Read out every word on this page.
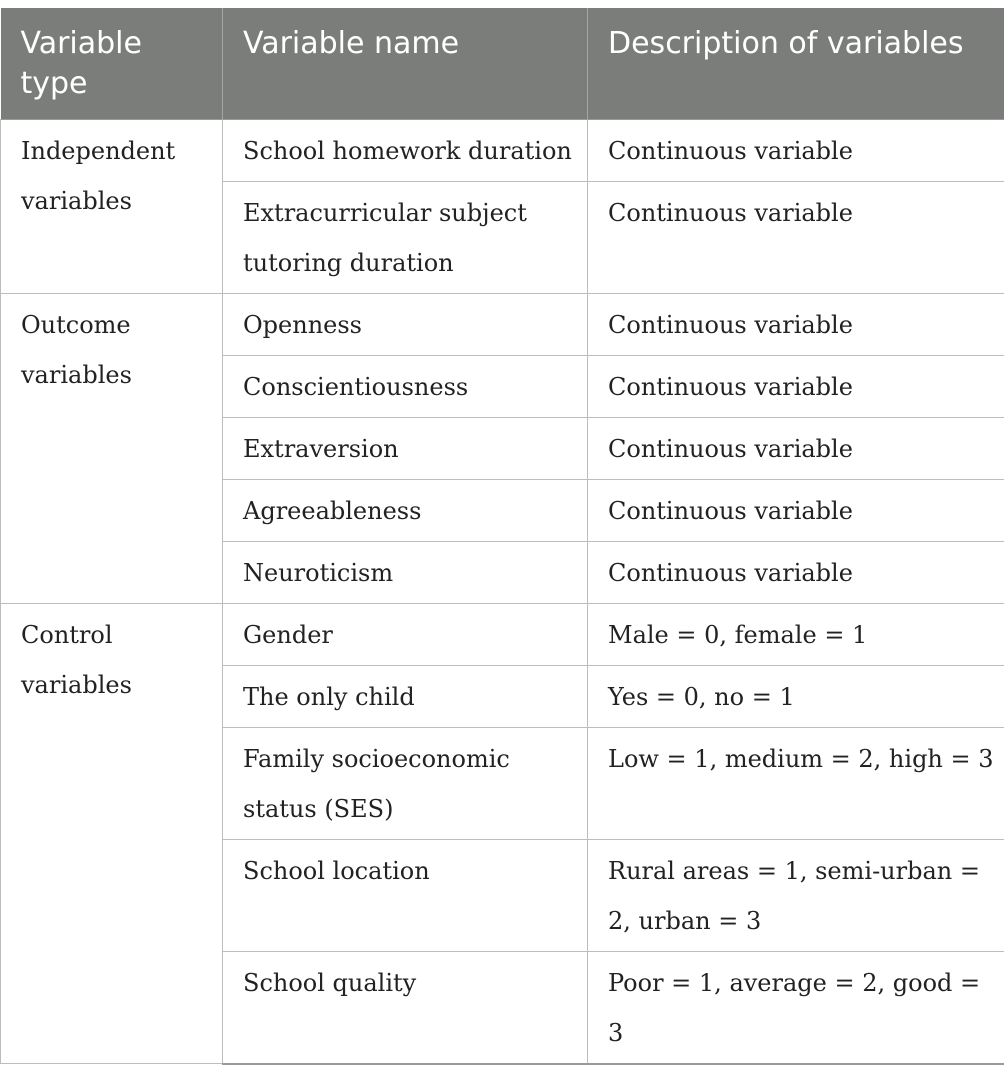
Variable type	Variable name	Description of variables
Independent variables	School homework duration	Continuous variable
	Extracurricular subject tutoring duration	Continuous variable
Outcome variables	Openness	Continuous variable
	Conscientiousness	Continuous variable
	Extraversion	Continuous variable
	Agreeableness	Continuous variable
	Neuroticism	Continuous variable
Control variables	Gender	Male = 0, female = 1
	The only child	Yes = 0, no = 1
	Family socioeconomic status (SES)	Low = 1, medium = 2, high = 3
	School location	Rural areas = 1, semi-urban = 2, urban = 3
	School quality	Poor = 1, average = 2, good = 3
